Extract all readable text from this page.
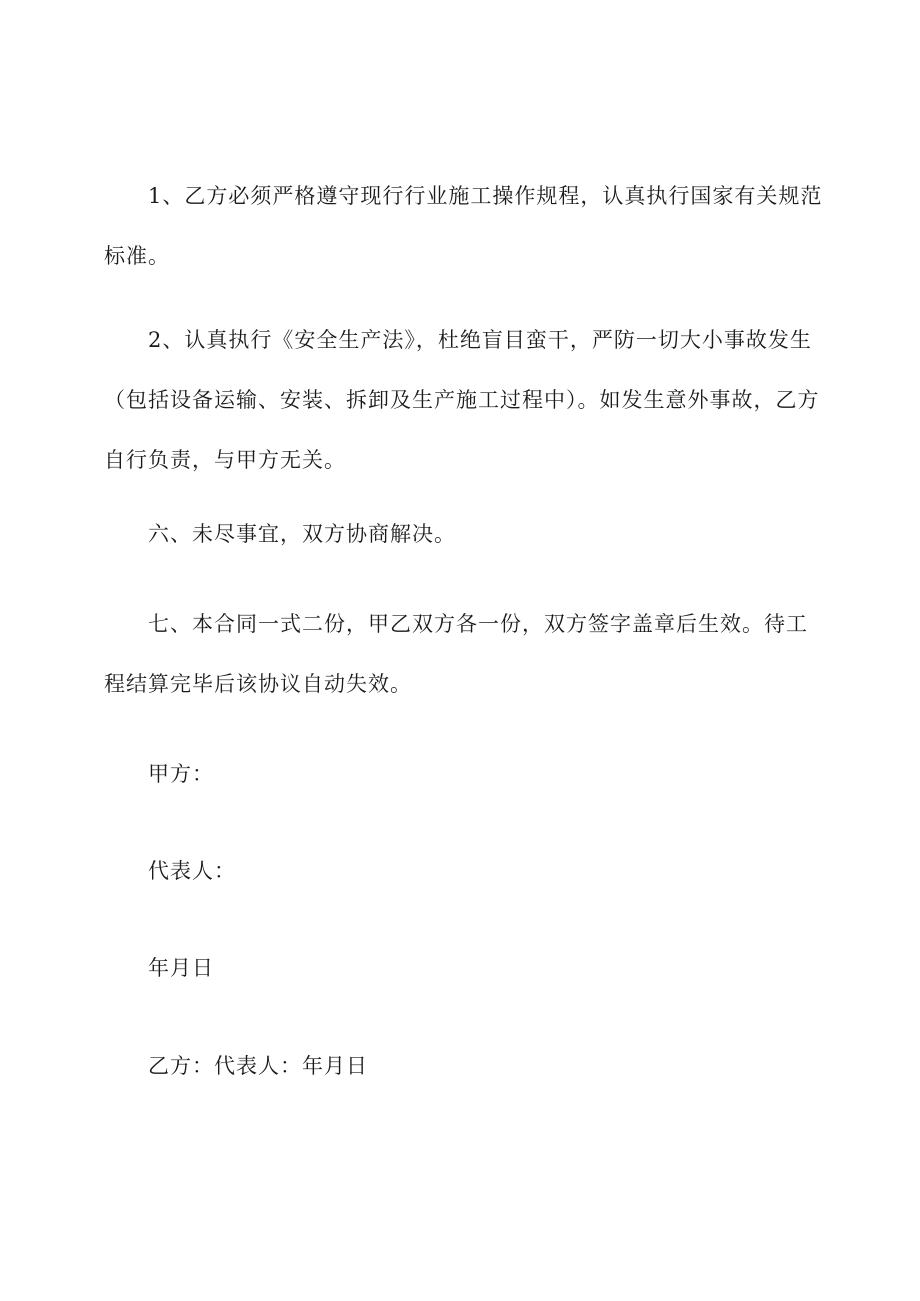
1、乙方必须严格遵守现行行业施工操作规程，认真执行国家有关规范
标准。
2、认真执行《安全生产法》，杜绝盲目蛮干，严防一切大小事故发生
（包括设备运输、安装、拆卸及生产施工过程中）。如发生意外事故，乙方
自行负责，与甲方无关。
六、未尽事宜，双方协商解决。
七、本合同一式二份，甲乙双方各一份，双方签字盖章后生效。待工
程结算完毕后该协议自动失效。
甲方：
代表人：
年月日
乙方：代表人：年月日
